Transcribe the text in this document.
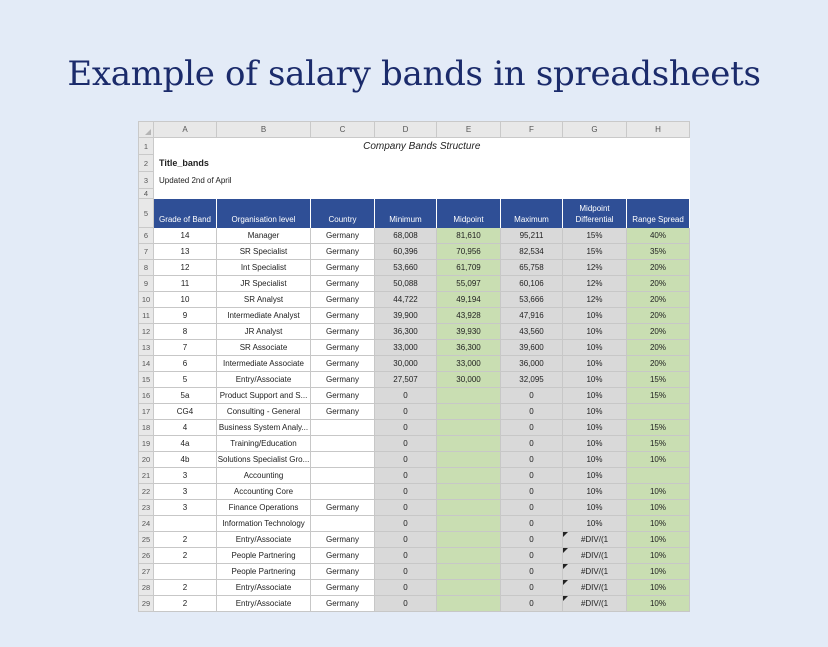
Example of salary bands in spreadsheets
	A	B	C	D	E	F	G	H
1	Company Bands Structure							
2	Title_bands							
3	Updated 2nd of April							
4								
5	Grade of Band	Organisation level	Country	Minimum	Midpoint	Maximum	Midpoint Differential	Range Spread
6	14	Manager	Germany	68,008	81,610	95,211	15%	40%
7	13	SR Specialist	Germany	60,396	70,956	82,534	15%	35%
8	12	Int Specialist	Germany	53,660	61,709	65,758	12%	20%
9	11	JR Specialist	Germany	50,088	55,097	60,106	12%	20%
10	10	SR Analyst	Germany	44,722	49,194	53,666	12%	20%
11	9	Intermediate Analyst	Germany	39,900	43,928	47,916	10%	20%
12	8	JR Analyst	Germany	36,300	39,930	43,560	10%	20%
13	7	SR Associate	Germany	33,000	36,300	39,600	10%	20%
14	6	Intermediate Associate	Germany	30,000	33,000	36,000	10%	20%
15	5	Entry/Associate	Germany	27,507	30,000	32,095	10%	15%
16	5a	Product Support and S...	Germany	0		0	10%	15%
17	CG4	Consulting - General	Germany	0		0	10%	
18	4	Business System Analy...		0		0	10%	15%
19	4a	Training/Education		0		0	10%	15%
20	4b	Solutions Specialist Gro...		0		0	10%	10%
21	3	Accounting		0		0	10%	
22	3	Accounting Core		0		0	10%	10%
23	3	Finance Operations	Germany	0		0	10%	10%
24		Information Technology		0		0	10%	10%
25	2	Entry/Associate	Germany	0		0	#DIV/(1	10%
26	2	People Partnering	Germany	0		0	#DIV/(1	10%
27		People Partnering	Germany	0		0	#DIV/(1	10%
28	2	Entry/Associate	Germany	0		0	#DIV/(1	10%
29	2	Entry/Associate	Germany	0		0	#DIV/(1	10%
